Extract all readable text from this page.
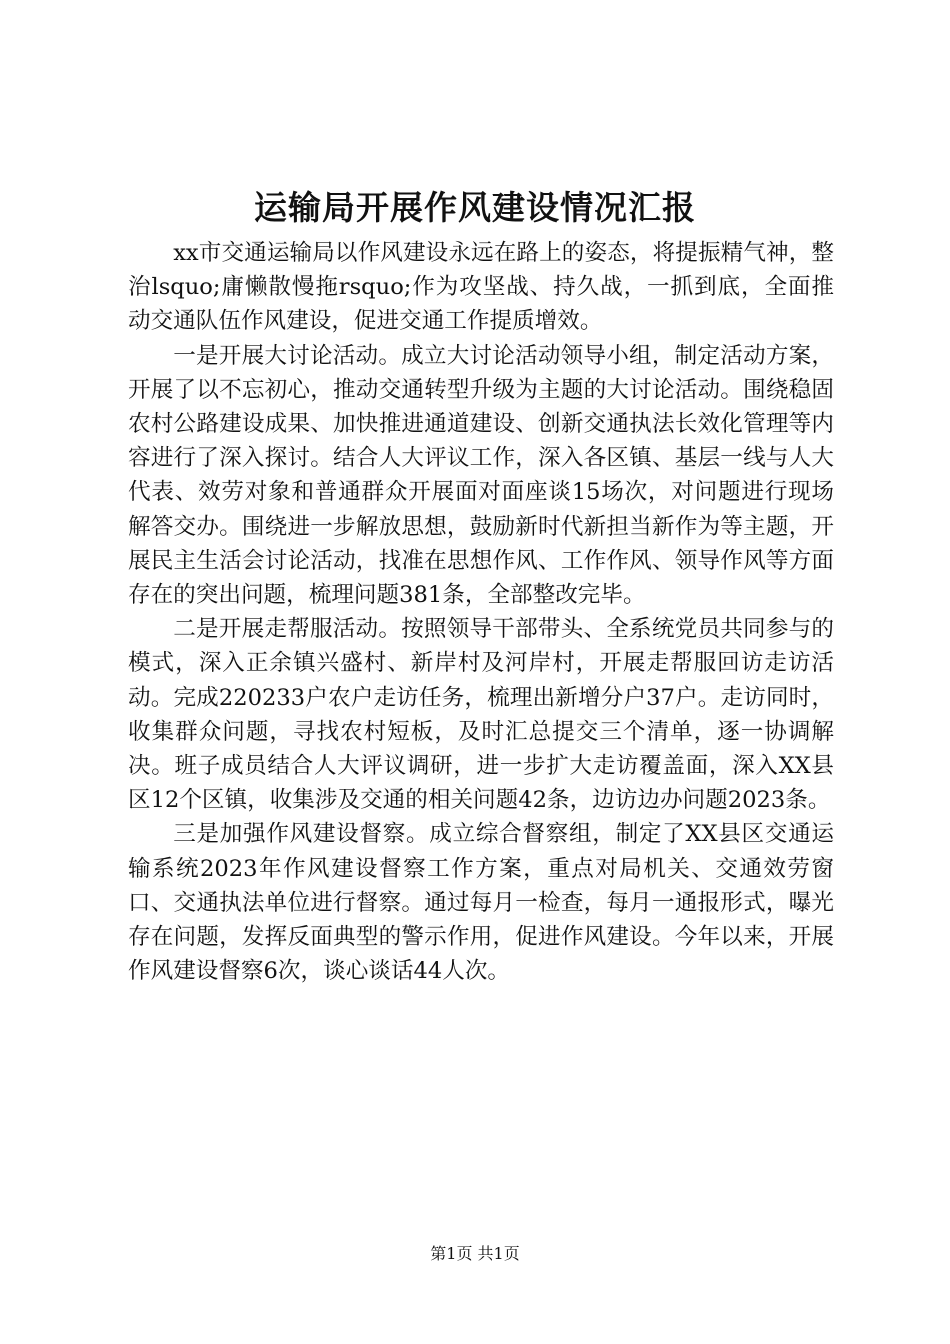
运输局开展作风建设情况汇报

xx市交通运输局以作风建设永远在路上的姿态，将提振精气神，整治lsquo;庸懒散慢拖rsquo;作为攻坚战、持久战，一抓到底，全面推动交通队伍作风建设，促进交通工作提质增效。

一是开展大讨论活动。成立大讨论活动领导小组，制定活动方案，开展了以不忘初心，推动交通转型升级为主题的大讨论活动。围绕稳固农村公路建设成果、加快推进通道建设、创新交通执法长效化管理等内容进行了深入探讨。结合人大评议工作，深入各区镇、基层一线与人大代表、效劳对象和普通群众开展面对面座谈15场次，对问题进行现场解答交办。围绕进一步解放思想，鼓励新时代新担当新作为等主题，开展民主生活会讨论活动，找准在思想作风、工作作风、领导作风等方面存在的突出问题，梳理问题381条，全部整改完毕。

二是开展走帮服活动。按照领导干部带头、全系统党员共同参与的模式，深入正余镇兴盛村、新岸村及河岸村，开展走帮服回访走访活动。完成220233户农户走访任务，梳理出新增分户37户。走访同时，收集群众问题，寻找农村短板，及时汇总提交三个清单，逐一协调解决。班子成员结合人大评议调研，进一步扩大走访覆盖面，深入XX县区12个区镇，收集涉及交通的相关问题42条，边访边办问题2023条。

三是加强作风建设督察。成立综合督察组，制定了XX县区交通运输系统2023年作风建设督察工作方案，重点对局机关、交通效劳窗口、交通执法单位进行督察。通过每月一检查，每月一通报形式，曝光存在问题，发挥反面典型的警示作用，促进作风建设。今年以来，开展作风建设督察6次，谈心谈话44人次。

第1页 共1页
